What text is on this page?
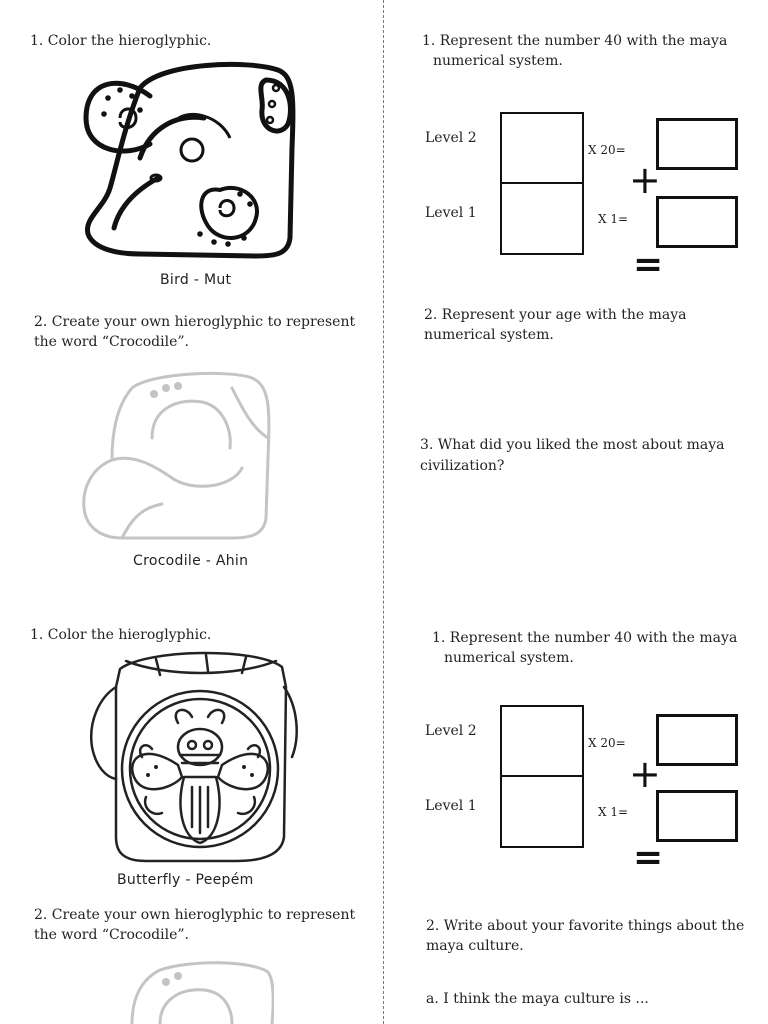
1. Color the hieroglyphic.
Bird - Mut
2. Create your own hieroglyphic to represent
the word “Crocodile”.
Crocodile - Ahin
1. Represent the number 40 with the maya
numerical system.
Level 2
Level 1
X 20=
X 1=
+
=
2. Represent your age with the maya
numerical system.
3. What did you liked the most about maya
civilization?
1. Color the hieroglyphic.
Butterfly - Peepém
2. Create your own hieroglyphic to represent
the word “Crocodile”.
1. Represent the number 40 with the maya
numerical system.
Level 2
Level 1
X 20=
X 1=
+
=
2. Write about your favorite things about the
maya culture.
a. I think the maya culture is ...
